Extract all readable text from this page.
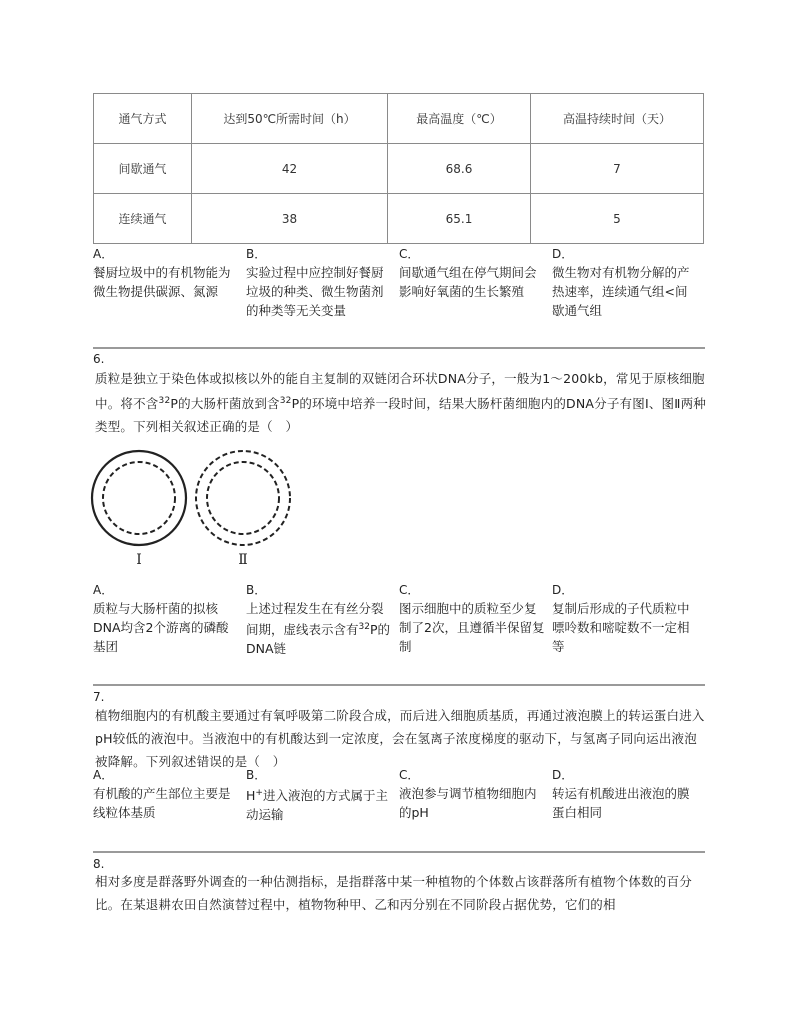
通气方式	达到50℃所需时间（h）	最高温度（℃）	高温持续时间（天）
间歇通气	42	68.6	7
连续通气	38	65.1	5
A．
餐厨垃圾中的有机物能为微生物提供碳源、氮源
B．
实验过程中应控制好餐厨垃圾的种类、微生物菌剂的种类等无关变量
C．
间歇通气组在停气期间会影响好氧菌的生长繁殖
D．
微生物对有机物分解的产热速率，连续通气组<间歇通气组
6.
质粒是独立于染色体或拟核以外的能自主复制的双链闭合环状DNA分子，一般为1～200kb，常见于原核细胞中。将不含$^{32}$P的大肠杆菌放到含$^{32}$P的环境中培养一段时间，结果大肠杆菌细胞内的DNA分子有图Ⅰ、图Ⅱ两种类型。下列相关叙述正确的是（　）
Ⅰ	Ⅱ
A．
质粒与大肠杆菌的拟核DNA均含2个游离的磷酸基团
B．
上述过程发生在有丝分裂间期，虚线表示含有$^{32}$P的DNA链
C．
图示细胞中的质粒至少复制了2次，且遵循半保留复制
D．
复制后形成的子代质粒中嘌呤数和嘧啶数不一定相等
7.
植物细胞内的有机酸主要通过有氧呼吸第二阶段合成，而后进入细胞质基质，再通过液泡膜上的转运蛋白进入pH较低的液泡中。当液泡中的有机酸达到一定浓度，会在氢离子浓度梯度的驱动下，与氢离子同向运出液泡被降解。下列叙述错误的是（　）
A．
有机酸的产生部位主要是线粒体基质
B．
H+进入液泡的方式属于主动运输
C．
液泡参与调节植物细胞内的pH
D．
转运有机酸进出液泡的膜蛋白相同
8.
相对多度是群落野外调查的一种估测指标，是指群落中某一种植物的个体数占该群落所有植物个体数的百分比。在某退耕农田自然演替过程中，植物物种甲、乙和丙分别在不同阶段占据优势，它们的相
